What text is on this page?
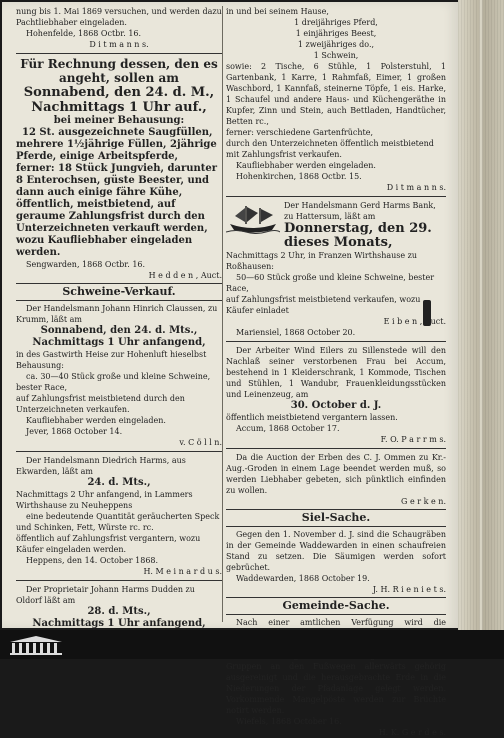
nung bis 1. Mai 1869 versuchen, und werden dazu

Pachtliebhaber eingeladen.

Hohenfelde, 1868 Octbr. 16.

D i t m a n n s.

Für Rechnung dessen, den es angeht, sollen am

Sonnabend, den 24. d. M.,

Nachmittags 1 Uhr auf.,

bei meiner Behausung:

12 St. ausgezeichnete Saugfüllen,

mehrere 1½jährige Füllen, 2jährige Pferde, einige Arbeitspferde,

ferner: 18 Stück Jungvieh, darunter 8 Enterochsen, güste Beester, und dann auch einige fähre Kühe,

öffentlich, meistbietend, auf geraume Zahlungsfrist durch den Unterzeichneten verkauft werden, wozu Kaufliebhaber eingeladen werden.

Sengwarden, 1868 Octbr. 16.

H e d d e n , Auct.

Schweine-Verkauf.

Der Handelsmann Johann Hinrich Claussen, zu Krumm, läßt am

Sonnabend, den 24. d. Mts.,

Nachmittags 1 Uhr anfangend,

in des Gastwirth Heise zur Hohenluft hieselbst Behausung:

ca. 30—40 Stück große und kleine Schweine, bester Race,

auf Zahlungsfrist meistbietend durch den Unterzeichneten verkaufen.

Kaufliebhaber werden eingeladen.

Jever, 1868 October 14.

v. C ö l l n.

Der Handelsmann Diedrich Harms, aus Ekwarden, läßt am

24. d. Mts.,

Nachmittags 2 Uhr anfangend, in Lammers Wirthshause zu Neuheppens

eine bedeutende Quantität geräucherten Speck und Schinken, Fett, Würste rc. rc.

öffentlich auf Zahlungsfrist vergantern, wozu Käufer eingeladen werden.

Heppens, den 14. October 1868.

H. M e i n a r d u s.

Der Proprietair Johann Harms Dudden zu Oldorf läßt am

28. d. Mts.,

Nachmittags 1 Uhr anfangend,

in und bei seinem Hause,

1 dreijähriges Pferd,

1 einjähriges Beest,

1 zweijähriges do.,

1 Schwein,

sowie: 2 Tische, 6 Stühle, 1 Polsterstuhl, 1 Gartenbank, 1 Karre, 1 Rahmfaß, Eimer, 1 großen Waschbord, 1 Kannfaß, steinerne Töpfe, 1 eis. Harke, 1 Schaufel und andere Haus- und Küchengeräthe in Kupfer, Zinn und Stein, auch Bettladen, Handtücher, Betten rc.,

ferner: verschiedene Gartenfrüchte,

durch den Unterzeichneten öffentlich meistbietend mit Zahlungsfrist verkaufen.

Kaufliebhaber werden eingeladen.

Hohenkirchen, 1868 Octbr. 15.

D i t m a n n s.

Der Handelsmann Gerd Harms Bank, zu Hattersum, läßt am

Donnerstag, den 29. dieses Monats,

Nachmittags 2 Uhr, in Franzen Wirthshause zu Roßhausen:

50—60 Stück große und kleine Schweine, bester Race,

auf Zahlungsfrist meistbietend verkaufen, wozu Käufer einladet

E i b e n , Auct.

Mariensiel, 1868 October 20.

Der Arbeiter Wind Eilers zu Sillenstede will den Nachlaß seiner verstorbenen Frau bei Accum, bestehend in 1 Kleiderschrank, 1 Kommode, Tischen und Stühlen, 1 Wandubr, Frauenkleidungsstücken und Leinenzeug, am

30. October d. J.

öffentlich meistbietend vergantern lassen.

Accum, 1868 October 17.

F. O. P a r r m s.

Da die Auction der Erben des C. J. Ommen zu Kr.-Aug.-Groden in einem Lage beendet werden muß, so werden Liebhaber gebeten, sich pünktlich einfinden zu wollen.

G e r k e n.

Siel-Sache.

Gegen den 1. November d. J. sind die Schaugräben in der Gemeinde Waddewarden in einen schaufreien Stand zu setzen. Die Säumigen werden sofort gebrüchet.

Waddewarden, 1868 October 19.

J. H. R i e n i e t s.

Gemeinde-Sache.

Nach einer amtlichen Verfügung wird die Gruppen an den Fußwegen allerwärts gehörig ausgereinigt und die herausgebrachte Erde in die Niederungen der Pfadanlage gelegt werden. Vorkommende Mangelpöste werden zur Brüchte notirt werden.

Wiefels, 1868 October 16.

H. K. G e r d e s.
